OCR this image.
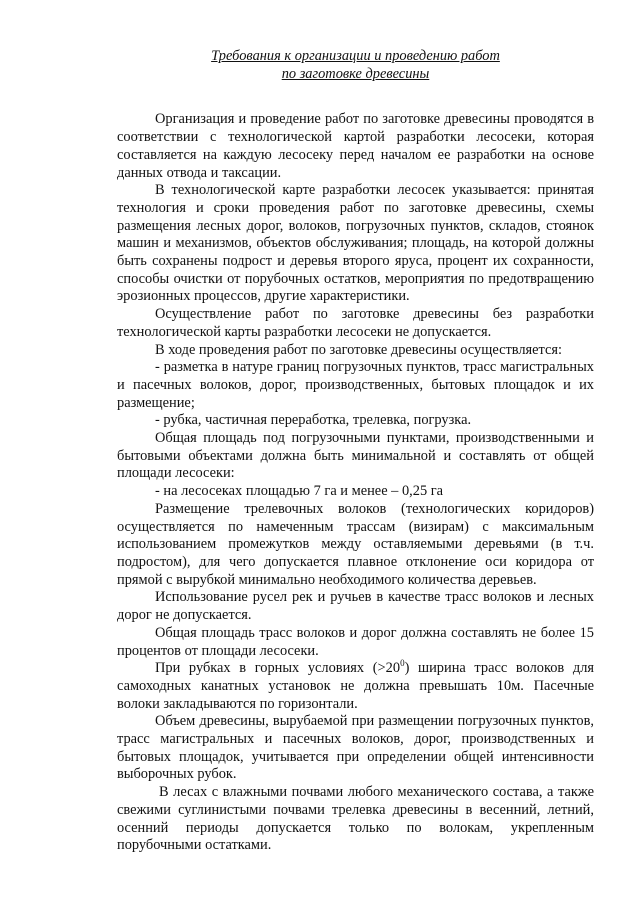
Требования к организации и проведению работ
по заготовке древесины

Организация и проведение работ по заготовке древесины проводятся в соответствии с технологической картой разработки лесосеки, которая составляется на каждую лесосеку перед началом ее разработки на основе данных отвода и таксации.

В технологической карте разработки лесосек указывается: принятая технология и сроки проведения работ по заготовке древесины, схемы размещения лесных дорог, волоков, погрузочных пунктов, складов, стоянок машин и механизмов, объектов обслуживания; площадь, на которой должны быть сохранены подрост и деревья второго яруса, процент их сохранности, способы очистки от порубочных остатков, мероприятия по предотвращению эрозионных процессов, другие характеристики.

Осуществление работ по заготовке древесины без разработки технологической карты разработки лесосеки не допускается.

В ходе проведения работ по заготовке древесины осуществляется:

- разметка в натуре границ погрузочных пунктов, трасс магистральных и пасечных волоков, дорог, производственных, бытовых площадок и их размещение;

- рубка, частичная переработка, трелевка, погрузка.

Общая площадь под погрузочными пунктами, производственными и бытовыми объектами должна быть минимальной и составлять от общей площади лесосеки:

- на лесосеках площадью 7 га и менее – 0,25 га

Размещение трелевочных волоков (технологических коридоров) осуществляется по намеченным трассам (визирам) с максимальным использованием промежутков между оставляемыми деревьями (в т.ч. подростом), для чего допускается плавное отклонение оси коридора от прямой с вырубкой минимально необходимого количества деревьев.

Использование русел рек и ручьев в качестве трасс волоков и лесных дорог не допускается.

Общая площадь трасс волоков и дорог должна составлять не более 15 процентов от площади лесосеки.

При рубках в горных условиях $(>20^0)$ ширина трасс волоков для самоходных канатных установок не должна превышать 10м. Пасечные волоки закладываются по горизонтали.

Объем древесины, вырубаемой при размещении погрузочных пунктов, трасс магистральных и пасечных волоков, дорог, производственных и бытовых площадок, учитывается при определении общей интенсивности выборочных рубок.

В лесах с влажными почвами любого механического состава, а также свежими суглинистыми почвами трелевка древесины в весенний, летний, осенний периоды допускается только по волокам, укрепленным порубочными остатками.
